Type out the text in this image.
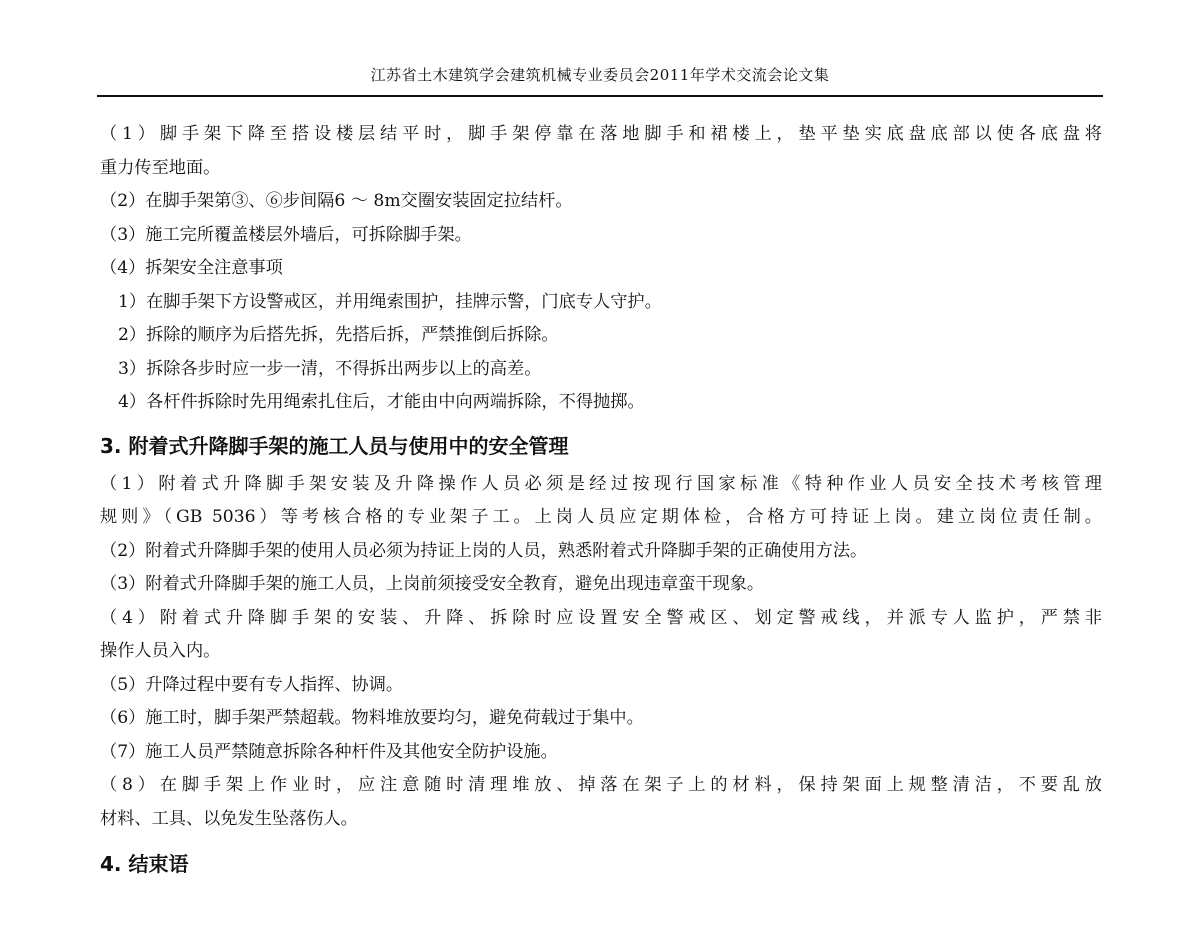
江苏省土木建筑学会建筑机械专业委员会2011年学术交流会论文集

（1）脚手架下降至搭设楼层结平时，脚手架停靠在落地脚手和裙楼上，垫平垫实底盘底部以使各底盘将

重力传至地面。

（2）在脚手架第③、⑥步间隔6 ～ 8m交圈安装固定拉结杆。

（3）施工完所覆盖楼层外墙后，可拆除脚手架。

（4）拆架安全注意事项

1）在脚手架下方设警戒区，并用绳索围护，挂牌示警，门底专人守护。

2）拆除的顺序为后搭先拆，先搭后拆，严禁推倒后拆除。

3）拆除各步时应一步一清，不得拆出两步以上的高差。

4）各杆件拆除时先用绳索扎住后，才能由中向两端拆除，不得抛掷。

3. 附着式升降脚手架的施工人员与使用中的安全管理

（1）附着式升降脚手架安装及升降操作人员必须是经过按现行国家标准《特种作业人员安全技术考核管理

规则》（GB 5036）等考核合格的专业架子工。上岗人员应定期体检，合格方可持证上岗。建立岗位责任制。

（2）附着式升降脚手架的使用人员必须为持证上岗的人员，熟悉附着式升降脚手架的正确使用方法。

（3）附着式升降脚手架的施工人员，上岗前须接受安全教育，避免出现违章蛮干现象。

（4）附着式升降脚手架的安装、升降、拆除时应设置安全警戒区、划定警戒线，并派专人监护，严禁非

操作人员入内。

（5）升降过程中要有专人指挥、协调。

（6）施工时，脚手架严禁超载。物料堆放要均匀，避免荷载过于集中。

（7）施工人员严禁随意拆除各种杆件及其他安全防护设施。

（8）在脚手架上作业时，应注意随时清理堆放、掉落在架子上的材料，保持架面上规整清洁，不要乱放

材料、工具、以免发生坠落伤人。

4. 结束语
